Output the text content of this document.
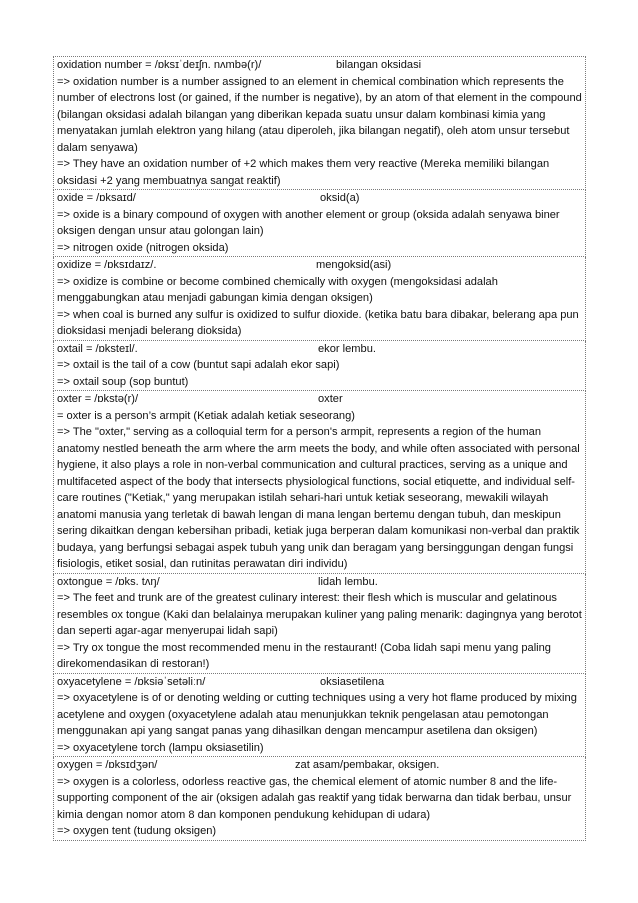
oxidation number = /ɒksɪˈdeɪʃn. nʌmbə(r)/	bilangan oksidasi
=> oxidation number is a number assigned to an element in chemical combination which represents the number of electrons lost (or gained, if the number is negative), by an atom of that element in the compound (bilangan oksidasi adalah bilangan yang diberikan kepada suatu unsur dalam kombinasi kimia yang menyatakan jumlah elektron yang hilang (atau diperoleh, jika bilangan negatif), oleh atom unsur tersebut dalam senyawa)
=> They have an oxidation number of +2 which makes them very reactive (Mereka memiliki bilangan oksidasi +2 yang membuatnya sangat reaktif)
oxide = /ɒksaɪd/	oksid(a)
=> oxide is a binary compound of oxygen with another element or group (oksida adalah senyawa biner oksigen dengan unsur atau golongan lain)
=> nitrogen oxide (nitrogen oksida)
oxidize = /ɒksɪdaɪz/.	mengoksid(asi)
=> oxidize is combine or become combined chemically with oxygen (mengoksidasi adalah menggabungkan atau menjadi gabungan kimia dengan oksigen)
=> when coal is burned any sulfur is oxidized to sulfur dioxide. (ketika batu bara dibakar, belerang apa pun dioksidasi menjadi belerang dioksida)
oxtail = /ɒksteɪl/.	ekor lembu.
=> oxtail is the tail of a cow (buntut sapi adalah ekor sapi)
=> oxtail soup (sop buntut)
oxter = /ɒkstə(r)/	oxter
= oxter is a person’s armpit (Ketiak adalah ketiak seseorang)
=> The "oxter," serving as a colloquial term for a person's armpit, represents a region of the human anatomy nestled beneath the arm where the arm meets the body, and while often associated with personal hygiene, it also plays a role in non-verbal communication and cultural practices, serving as a unique and multifaceted aspect of the body that intersects physiological functions, social etiquette, and individual self-care routines ("Ketiak," yang merupakan istilah sehari-hari untuk ketiak seseorang, mewakili wilayah anatomi manusia yang terletak di bawah lengan di mana lengan bertemu dengan tubuh, dan meskipun sering dikaitkan dengan kebersihan pribadi, ketiak juga berperan dalam komunikasi non-verbal dan praktik budaya, yang berfungsi sebagai aspek tubuh yang unik dan beragam yang bersinggungan dengan fungsi fisiologis, etiket sosial, dan rutinitas perawatan diri individu)
oxtongue = /ɒks. tʌŋ/	lidah lembu.
=> The feet and trunk are of the greatest culinary interest: their flesh which is muscular and gelatinous resembles ox tongue (Kaki dan belalainya merupakan kuliner yang paling menarik: dagingnya yang berotot dan seperti agar-agar menyerupai lidah sapi)
=> Try ox tongue the most recommended menu in the restaurant! (Coba lidah sapi menu yang paling direkomendasikan di restoran!)
oxyacetylene = /ɒksiəˈsetəliːn/	oksiasetilena
=> oxyacetylene is of or denoting welding or cutting techniques using a very hot flame produced by mixing acetylene and oxygen (oxyacetylene adalah atau menunjukkan teknik pengelasan atau pemotongan menggunakan api yang sangat panas yang dihasilkan dengan mencampur asetilena dan oksigen)
=> oxyacetylene torch (lampu oksiasetilin)
oxygen = /ɒksɪdʒən/	zat asam/pembakar, oksigen.
=> oxygen is a colorless, odorless reactive gas, the chemical element of atomic number 8 and the life-supporting component of the air (oksigen adalah gas reaktif yang tidak berwarna dan tidak berbau, unsur kimia dengan nomor atom 8 dan komponen pendukung kehidupan di udara)
=> oxygen tent (tudung oksigen)
